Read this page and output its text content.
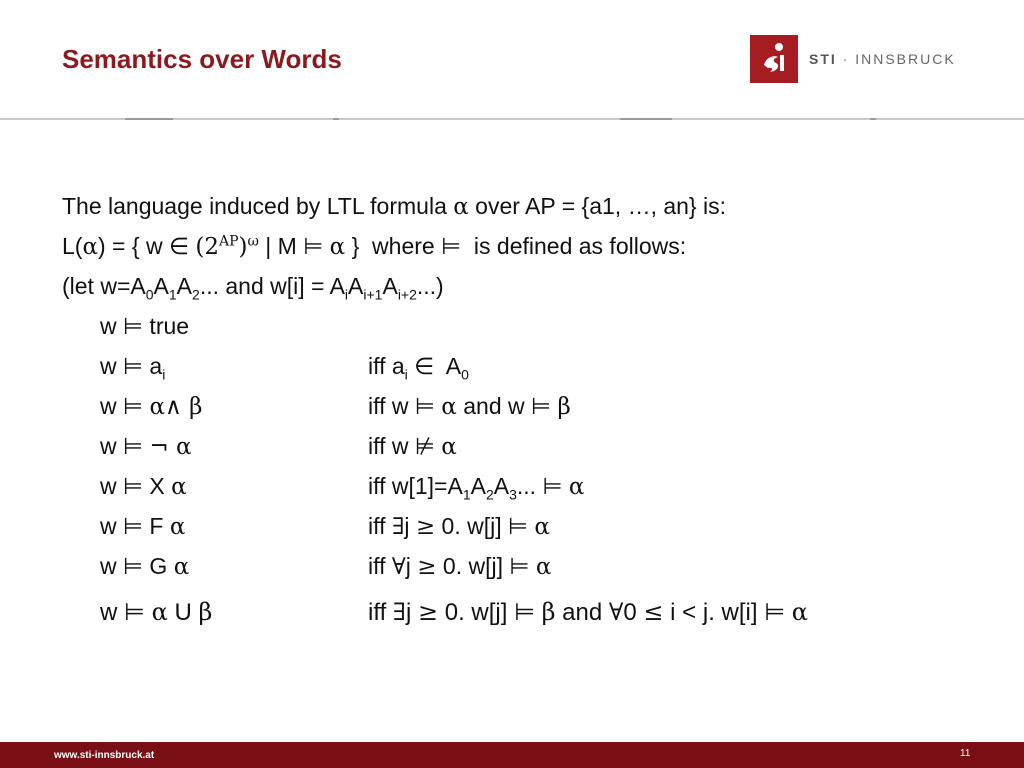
Semantics over Words	STI · INNSBRUCK
The language induced by LTL formula α over AP = {a1, …, an} is:
L(α) = { w ∈ $(2^{AP})^\omega$ | M ⊨ α }  where ⊨  is defined as follows:
(let $w=A_0A_1A_2$... and $w[i] = A_iA_{i+1}A_{i+2}$...)
w ⊨ true
w ⊨ $a_i$	iff $a_i$ ∈  $A_0$
w ⊨ α∧ β	iff w ⊨ α and w ⊨ β
w ⊨ ¬ α	iff w ⊭ α
w ⊨ X α	iff $w[1]=A_1A_2A_3$... ⊨ α
w ⊨ F α	iff ∃j ≥ 0. w[j] ⊨ α
w ⊨ G α	iff ∀j ≥ 0. w[j] ⊨ α
w ⊨ α U β	iff ∃j ≥ 0. w[j] ⊨ β and ∀0 ≤ i < j. w[i] ⊨ α
www.sti-innsbruck.at	11
